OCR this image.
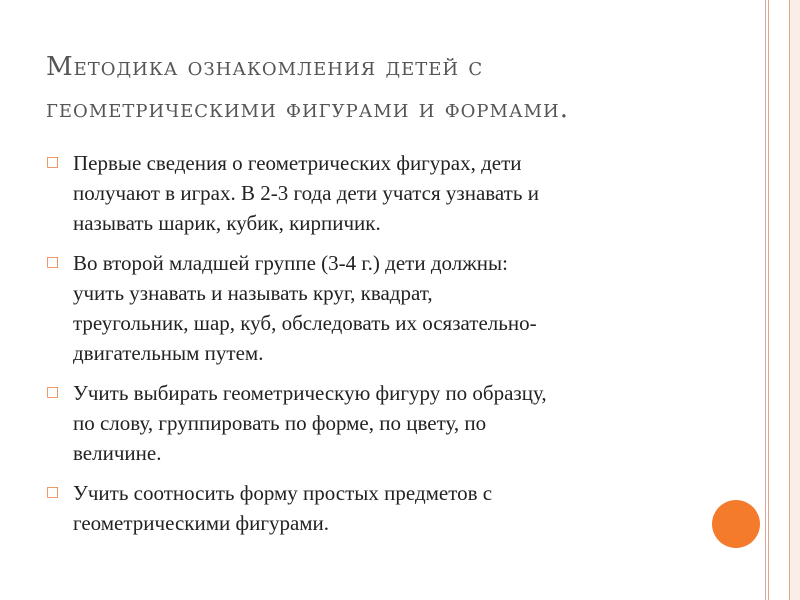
Методика ознакомления детей с
геометрическими фигурами и формами.
□ Первые сведения о геометрических фигурах, дети
получают в играх. В 2-3 года дети учатся узнавать и
называть шарик, кубик, кирпичик.
□ Во второй младшей группе (3-4 г.) дети должны:
учить узнавать и называть круг, квадрат,
треугольник, шар, куб, обследовать их осязательно-
двигательным путем.
□ Учить выбирать геометрическую фигуру по образцу,
по слову, группировать по форме, по цвету, по
величине.
□ Учить соотносить форму простых предметов с
геометрическими фигурами.
